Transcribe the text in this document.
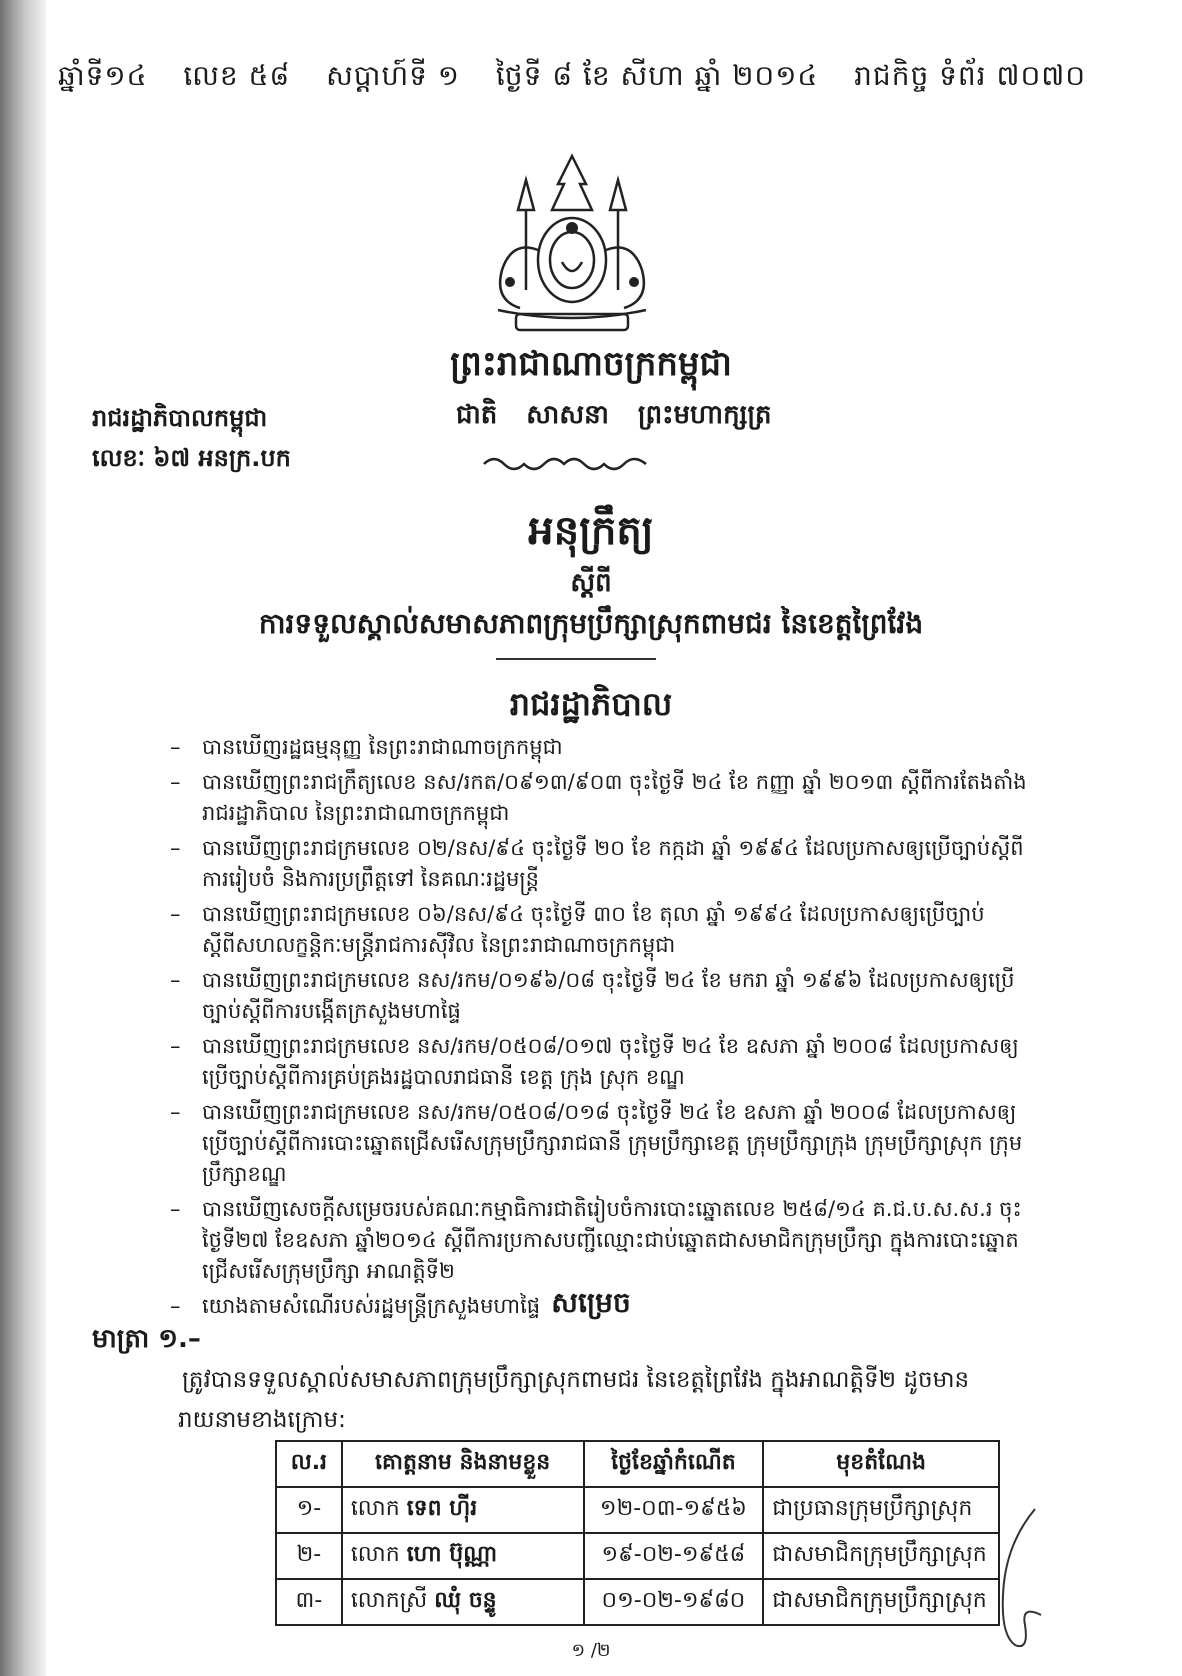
ឆ្នាំទី១៤ លេខ ៥៨ សប្ដាហ៍ទី ១ ថ្ងៃទី ៨ ខែ សីហា ឆ្នាំ ២០១៤ រាជកិច្ច ទំព័រ ៧០៧០
ព្រះរាជាណាចក្រកម្ពុជា
រាជរដ្ឋាភិបាលកម្ពុជា
លេខៈ ៦៧ អនក្រ.បក
ជាតិ សាសនា ព្រះមហាក្សត្រ
អនុក្រឹត្យ
ស្ដីពី
ការទទួលស្គាល់សមាសភាពក្រុមប្រឹក្សាស្រុកពាមជរ នៃខេត្តព្រៃវែង
រាជរដ្ឋាភិបាល
– បានឃើញរដ្ឋធម្មនុញ្ញ នៃព្រះរាជាណាចក្រកម្ពុជា
– បានឃើញព្រះរាជក្រឹត្យលេខ នស/រកត/០៩១៣/៩០៣ ចុះថ្ងៃទី ២៤ ខែ កញ្ញា ឆ្នាំ ២០១៣ ស្ដីពីការតែងតាំងរាជរដ្ឋាភិបាល នៃព្រះរាជាណាចក្រកម្ពុជា
– បានឃើញព្រះរាជក្រមលេខ ០២/នស/៩៤ ចុះថ្ងៃទី ២០ ខែ កក្កដា ឆ្នាំ ១៩៩៤ ដែលប្រកាសឲ្យប្រើច្បាប់ស្ដីពីការរៀបចំ និងការប្រព្រឹត្តទៅ នៃគណៈរដ្ឋមន្ដ្រី
– បានឃើញព្រះរាជក្រមលេខ ០៦/នស/៩៤ ចុះថ្ងៃទី ៣០ ខែ តុលា ឆ្នាំ ១៩៩៤ ដែលប្រកាសឲ្យប្រើច្បាប់ស្ដីពីសហលក្ខន្តិកៈមន្ដ្រីរាជការស៊ីវិល នៃព្រះរាជាណាចក្រកម្ពុជា
– បានឃើញព្រះរាជក្រមលេខ នស/រកម/០១៩៦/០៨ ចុះថ្ងៃទី ២៤ ខែ មករា ឆ្នាំ ១៩៩៦ ដែលប្រកាសឲ្យប្រើច្បាប់ស្ដីពីការបង្កើតក្រសួងមហាផ្ទៃ
– បានឃើញព្រះរាជក្រមលេខ នស/រកម/០៥០៨/០១៧ ចុះថ្ងៃទី ២៤ ខែ ឧសភា ឆ្នាំ ២០០៨ ដែលប្រកាសឲ្យប្រើច្បាប់ស្ដីពីការគ្រប់គ្រងរដ្ឋបាលរាជធានី ខេត្ត ក្រុង ស្រុក ខណ្ឌ
– បានឃើញព្រះរាជក្រមលេខ នស/រកម/០៥០៨/០១៨ ចុះថ្ងៃទី ២៤ ខែ ឧសភា ឆ្នាំ ២០០៨ ដែលប្រកាសឲ្យប្រើច្បាប់ស្ដីពីការបោះឆ្នោតជ្រើសរើសក្រុមប្រឹក្សារាជធានី ក្រុមប្រឹក្សាខេត្ត ក្រុមប្រឹក្សាក្រុង ក្រុមប្រឹក្សាស្រុក ក្រុមប្រឹក្សាខណ្ឌ
– បានឃើញសេចក្ដីសម្រេចរបស់គណៈកម្មាធិការជាតិរៀបចំការបោះឆ្នោតលេខ ២៥៨/១៤ គ.ជ.ប.ស.ស.រ ចុះថ្ងៃទី២៧ ខែឧសភា ឆ្នាំ២០១៤ ស្ដីពីការប្រកាសបញ្ជីឈ្មោះជាប់ឆ្នោតជាសមាជិកក្រុមប្រឹក្សា ក្នុងការបោះឆ្នោតជ្រើសរើសក្រុមប្រឹក្សា អាណត្តិទី២
– យោងតាមសំណើរបស់រដ្ឋមន្ដ្រីក្រសួងមហាផ្ទៃ សម្រេច
មាត្រា ១.–
ត្រូវបានទទួលស្គាល់សមាសភាពក្រុមប្រឹក្សាស្រុកពាមជរ នៃខេត្តព្រៃវែង ក្នុងអាណត្តិទី២ ដូចមាន
រាយនាមខាងក្រោម:
ល.រ	គោត្តនាម និងនាមខ្លួន	ថ្ងៃខែឆ្នាំកំណើត	មុខតំណែង
១-	លោក ទេព ហ៊ីរ	១២-០៣-១៩៥៦	ជាប្រធានក្រុមប្រឹក្សាស្រុក
២-	លោក ហោ ប៊ុណ្ណា	១៩-០២-១៩៥៨	ជាសមាជិកក្រុមប្រឹក្សាស្រុក
៣-	លោកស្រី ឈុំ ចន្ទូ	០១-០២-១៩៨០	ជាសមាជិកក្រុមប្រឹក្សាស្រុក
១ /២
